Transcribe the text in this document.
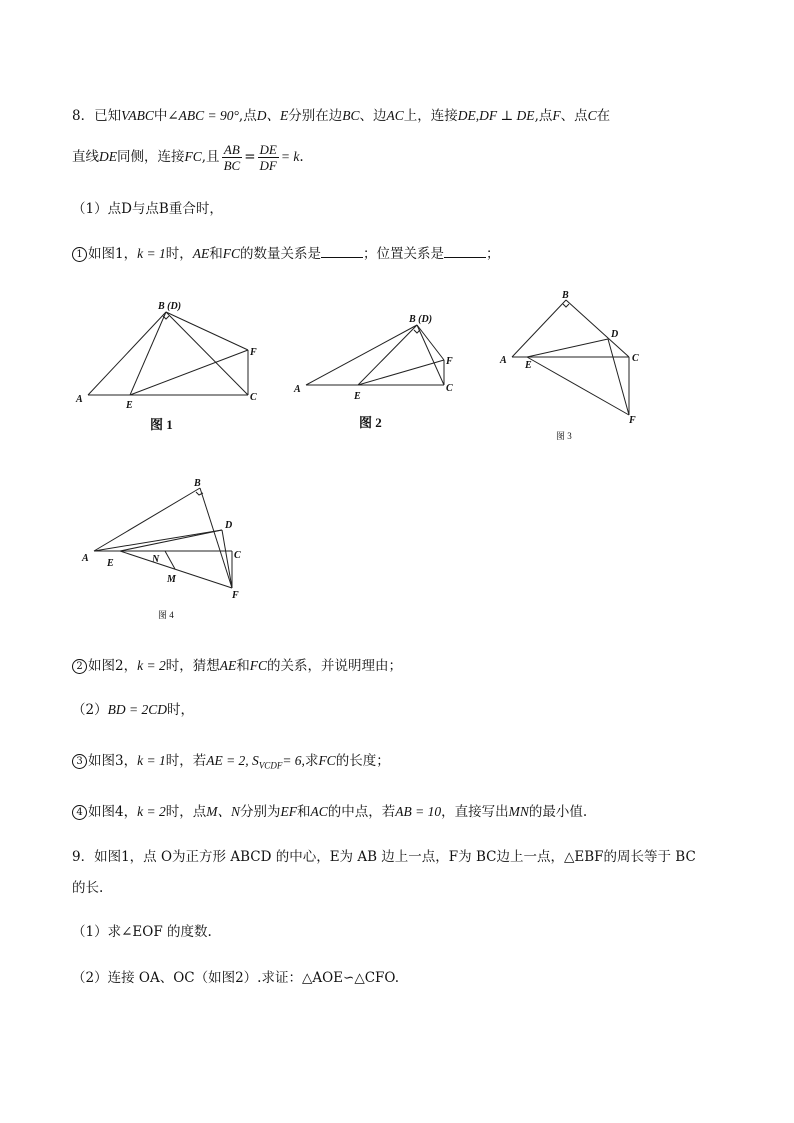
8．已知VABC中∠ABC = 90°,点D、E分别在边BC、边AC上，连接DE,DF ⊥ DE,点F、点C在
直线DE同侧，连接FC,且 $\frac{AB}{BC} = \frac{DE}{DF} = k$.
（1）点D与点B重合时，
1 如图1，k = 1时，AE和FC的数量关系是	；位置关系是	；
B (D)
A
E
C
F
图 1
B (D)
A
E
C
F
图 2
B
D
A E
C
F
图 3
B
D
A E	N
M
C
F
图 4
2 如图2，k = 2时，猜想AE和FC的关系，并说明理由；
（2）BD = 2CD时，
3 如图3，k = 1时，若AE = 2, $S_{VCDF}= 6$,求FC的长度；
4 如图4，k = 2时，点M、N分别为EF和AC的中点，若AB = 10，直接写出MN的最小值.
9．如图1，点 O为正方形 ABCD 的中心，E为 AB 边上一点，F为 BC边上一点，△EBF的周长等于 BC
的长.
（1）求∠EOF 的度数.
（2）连接 OA、OC（如图2）.求证：△AOE∽△CFO.
